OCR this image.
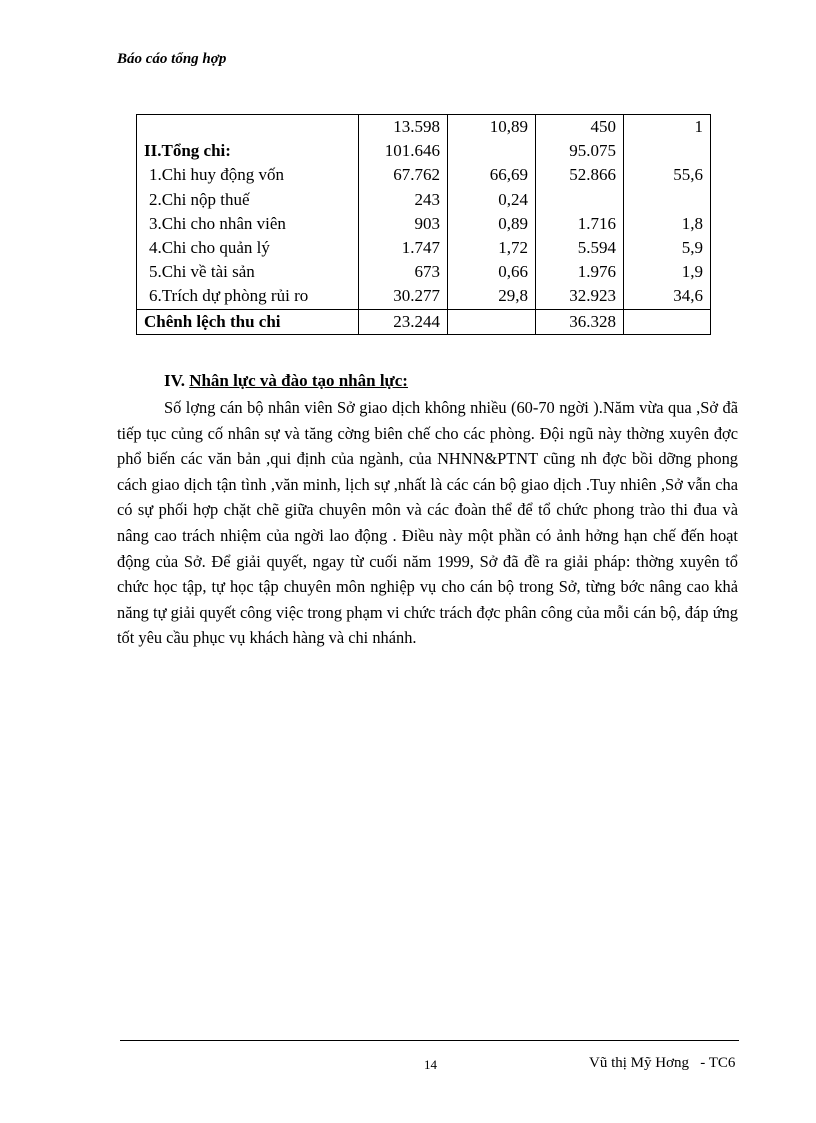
Báo cáo tổng hợp
	13.598	10,89	450	1
II.Tổng chi:	101.646		95.075	
1.Chi huy động vốn	67.762	66,69	52.866	55,6
2.Chi nộp thuế	243	0,24		
3.Chi cho nhân viên	903	0,89	1.716	1,8
4.Chi cho quản lý	1.747	1,72	5.594	5,9
5.Chi về tài sản	673	0,66	1.976	1,9
6.Trích dự phòng rủi ro	30.277	29,8	32.923	34,6
Chênh lệch thu chi	23.244		36.328	
IV. Nhân lực và đào tạo nhân lực:

Số lợng cán bộ nhân viên Sở giao dịch không nhiều (60-70 ngời ).Năm vừa qua ,Sở đã tiếp tục củng cố nhân sự và tăng cờng biên chế cho các phòng. Đội ngũ này thờng xuyên đợc phổ biến các văn bản ,qui định của ngành, của NHNN&PTNT cũng nh đợc bồi dỡng phong cách giao dịch tận tình ,văn minh, lịch sự ,nhất là các cán bộ giao dịch .Tuy nhiên ,Sở vẫn cha có sự phối hợp chặt chẽ giữa chuyên môn và các đoàn thể để tổ chức phong trào thi đua và nâng cao trách nhiệm của ngời lao động . Điều này một phần có ảnh hởng hạn chế đến hoạt động của Sở. Để giải quyết, ngay từ cuối năm 1999, Sở đã đề ra giải pháp: thờng xuyên tổ chức học tập, tự học tập chuyên môn nghiệp vụ cho cán bộ trong Sở, từng bớc nâng cao khả năng tự giải quyết công việc trong phạm vi chức trách đợc phân công của mỗi cán bộ, đáp ứng tốt yêu cầu phục vụ khách hàng và chi nhánh.

14	Vũ thị Mỹ Hơng   - TC6
